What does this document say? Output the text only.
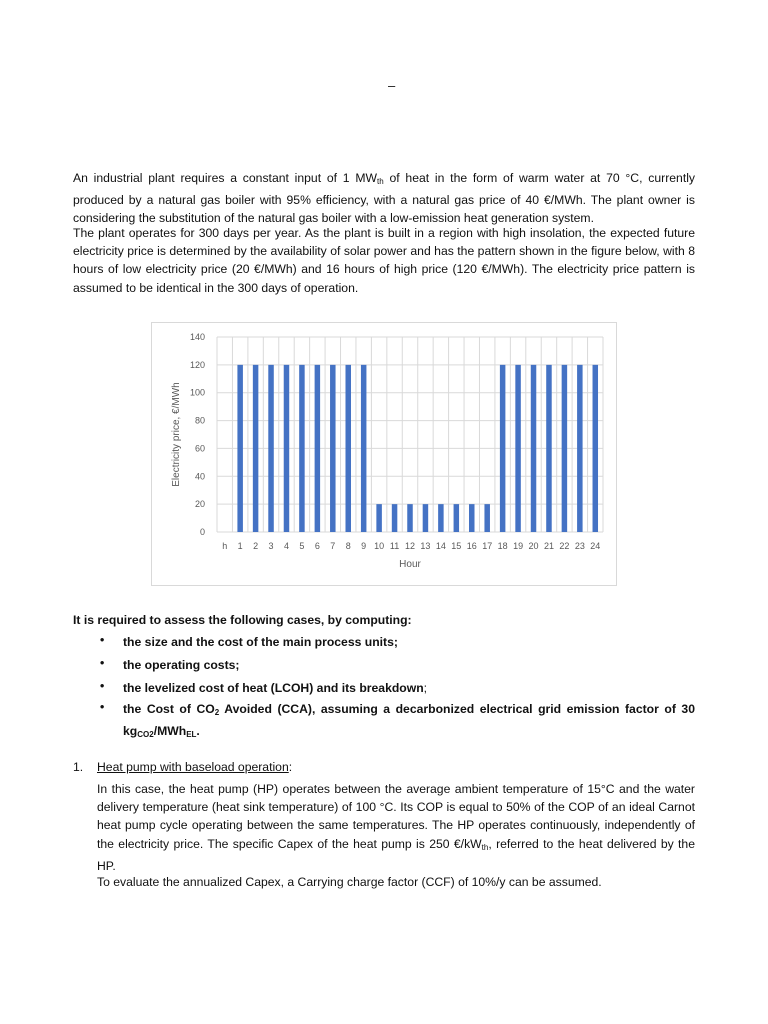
–
An industrial plant requires a constant input of 1 $MW_{th}$ of heat in the form of warm water at 70 °C, currently produced by a natural gas boiler with 95% efficiency, with a natural gas price of 40 €/MWh. The plant owner is considering the substitution of the natural gas boiler with a low-emission heat generation system.
The plant operates for 300 days per year. As the plant is built in a region with high insolation, the expected future electricity price is determined by the availability of solar power and has the pattern shown in the figure below, with 8 hours of low electricity price (20 €/MWh) and 16 hours of high price (120 €/MWh). The electricity price pattern is assumed to be identical in the 300 days of operation.
0
20
40
60
80
100
120
140
h 1 2 3 4 5 6 7 8 9 10 11 12 13 14 15 16 17 18 19 20 21 22 23 24
Hour
Electricity price, €/MWh
It is required to assess the following cases, by computing:
• the size and the cost of the main process units;
• the operating costs;
• the levelized cost of heat (LCOH) and its breakdown;
• the Cost of $CO_2$ Avoided (CCA), assuming a decarbonized electrical grid emission factor of 30 $kg_{CO2}/MWh_{EL}$.
1. Heat pump with baseload operation:
In this case, the heat pump (HP) operates between the average ambient temperature of 15°C and the water delivery temperature (heat sink temperature) of 100 °C. Its COP is equal to 50% of the COP of an ideal Carnot heat pump cycle operating between the same temperatures. The HP operates continuously, independently of the electricity price. The specific Capex of the heat pump is 250 $€/kW_{th}$, referred to the heat delivered by the HP.
To evaluate the annualized Capex, a Carrying charge factor (CCF) of 10%/y can be assumed.
